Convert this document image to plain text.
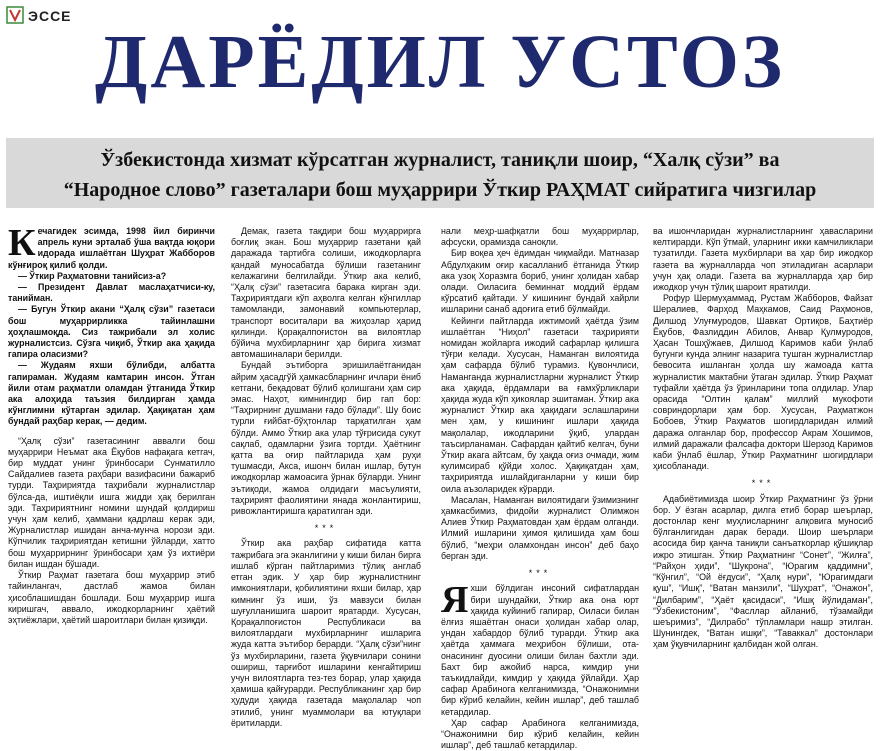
ЭССЕ
ДАРЁДИЛ УСТОЗ
Ўзбекистонда хизмат кўрсатган журналист, таниқли шоир, “Халқ сўзи” ва
“Народное слово” газеталари бош муҳаррири Ўткир РАҲМАТ сийратига чизгилар

Кечагидек эсимда, 1998 йил биринчи апрель куни эрталаб ўша вақтда юқори идорада ишлаётган Шуҳрат Жабборов кўнғироқ қилиб қолди.

— Ўткир Раҳматовни танийсиз-а?

— Президент Давлат маслаҳатчиси-ку, танийман.

— Бугун Ўткир акани “Ҳалқ сўзи” газетаси бош муҳаррирликка тайинлашни ҳоҳлашмоқда. Сиз тажрибали эл холис журналистсиз. Сўзга чиқиб, Ўткир ака ҳақида гапира оласизми?

— Жудаям яхши бўлибди, албатта гапираман. Жудаям камтарин инсон. Ўтган йили отам раҳматли оламдан ўтганида Ўткир ака алоҳида таъзия билдирган ҳамда кўнглимни кўтарган эдилар. Ҳақиқатан ҳам бундай раҳбар керак, — дедим.

“Ҳалқ сўзи” газетасининг аввалги бош муҳаррири Неъмат ака Ёқубов нафақага кетгач, бир муддат унинг ўринбосари Сунматилло Сайдалиев газета раҳбари вазифасини бажариб турди. Таҳририятда таҳрибали журналистлар бўлса-да, иштиёқли ишга жидди ҳақ берилган эди. Таҳририятнинг номини шундай қолдириш учун ҳам келиб, ҳаммани қадрлаш керак эди, Журналистлар ишидан анча-мунча норози эди. Кўпчилик таҳририятдан кетишни ўйларди, хатто бош муҳаррирнинг ўринбосари ҳам ўз ихтиёри билан ишдан бўшади.

Ўткир Раҳмат газетага бош муҳаррир этиб тайинлангач, дастлаб жамоа билан ҳисоблашишдан бошлади. Бош муҳаррир ишга киришгач, аввало, ижодкорларнинг ҳаётий эҳтиёжлари, ҳаётий шароитлари билан қизиқди.

Демак, газета тақдири бош муҳаррирга боғлиқ экан. Бош муҳаррир газетани қай даражада тартибга солиши, ижодкорларга қандай муносабатда бўлиши газетанинг келажагини белгилайди. Ўткир ака келиб, “Ҳалқ сўзи” газетасига барака кирган эди. Таҳририятдаги кўп аҳволга келган кўнгиллар тамомланди, замонавий компьютерлар, транспорт воситалари ва жиҳозлар ҳарид қилинди. Қорақалпоғистон ва вилоятлар бўйича мухбирларнинг ҳар бирига хизмат автомашиналари берилди.

Бундай эътиборга эришилаётганидан айрим ҳасадгўй ҳамкасбларнинг ичлари ёниб кетгани, беқадоват бўлиб қолишгани ҳам сир эмас. Наҳот, кимнингдир бир гап бор: “Таҳрирнинг душмани ғадо бўлади”. Шу боис турли ғийбат-бўҳтонлар тарқатилган ҳам бўлди. Аммо Ўткир ака улар тўғрисида сукут сақлаб, одамларни ўзига тортди. Ҳаётнинг қатта ва оғир пайтларида ҳам руҳи тушмасди, Акса, ишонч билан ишлар, бутун ижодкорлар жамоасига ўрнак бўларди. Унинг эътиқоди, жамоа олдидаги масъулияти, таҳририят фаолиятини янада жонлантириш, ривожлантиришга қаратилган эди.

***

Ўткир ака раҳбар сифатида катта тажрибага эга эканлигини у киши билан бирга ишлаб кўрган пайтларимиз тўлиқ англаб етган эдик. У ҳар бир журналистнинг имкониятлари, қобилиятини яхши билар, ҳар кимнинг ўз иши, ўз мавзуси билан шуғулланишига шароит яратарди. Хусусан, Қорақалпоғистон Республикаси ва вилоятлардаги мухбирларнинг ишларига жуда катта эътибор берарди. “Ҳалқ сўзи”нинг ўз мухбирларини, газета ўқувчилари сонини ошириш, тарғибот ишларини кенгайтириш учун вилоятларга тез-тез борар, улар ҳақида ҳамиша қайғурарди. Республиканинг ҳар бир ҳудуди ҳақида газетада мақолалар чоп этилиб, унинг муаммолари ва ютуқлари ёритиларди.

нали меҳр-шафқатли бош муҳаррирлар, афсуски, орамизда саноқли.

Бир воқеа ҳеч ёдимдан чиқмайди. Матназар Абдулҳаким оғир касалланиб ётганида Ўткир ака узоқ Хоразмга бориб, унинг ҳолидан хабар олади. Оиласига беминнат моддий ёрдам кўрсатиб қайтади. У кишининг бундай хайрли ишларини санаб адоғига етиб бўлмайди.

Кейинги пайтларда ижтимоий ҳаётда ўзим ишлаётган “Ниҳол” газетаси таҳририяти номидан жойларга ижодий сафарлар қилишга тўғри келади. Хусусан, Наманган вилоятида ҳам сафарда бўлиб турамиз. Қувончлиси, Наманганда журналистларни журналист Ўткир ака ҳақида, ёрдамлари ва ғамхўрликлари ҳақида жуда кўп ҳикоялар эшитаман. Ўткир ака журналист Ўткир ака ҳақидаги эслашларини мен ҳам, у кишининг ишлари ҳақида мақолалар, ижодларини ўқиб, улардан таъсирланаман. Сафардан қайтиб келгач, буни Ўткир акага айтсам, бу ҳақда оғиз очмади, жим кулимсираб қўйди холос. Ҳақиқатдан ҳам, таҳририятда ишлайдиганларни у киши бир оила аъзоларидек кўрарди.

Масалан, Наманган вилоятидаги ўзимизнинг ҳамкасбимиз, фидойи журналист Олимжон Алиев Ўткир Раҳматовдан ҳам ёрдам олганди. Илмий ишларини ҳимоя қилишида ҳам бош бўлиб, “меҳри оламхондан инсон” деб баҳо берган эди.

***

Яхши бўлдиган инсоний сифатлардан бири шундайки, Ўткир ака она юрт ҳақида куйиниб гапирар, Оиласи билан ёлғиз яшаётган онаси ҳолидан хабар олар, ундан хабардор бўлиб турарди. Ўткир ака ҳаётда ҳаммага меҳрибон бўлиши, ота-онасининг дуосини олиши билан бахтли эди. Бахт бир ажойиб нарса, кимдир уни таъкидлайди, кимдир у ҳақида ўйлайди. Ҳар сафар Арабинога келганимизда, “Онажонимни бир кўриб келайин, кейин ишлар”, деб ташлаб кетардилар.

Ҳар сафар Арабинога келганимизда, “Онажонимни бир кўриб келайин, кейин ишлар”, деб ташлаб кетардилар.

ва ишончларидан журналистларнинг ҳавасларини келтирарди. Кўп ўтмай, уларнинг икки камчиликлари тузатилди. Газета мухбирлари ва ҳар бир ижодкор газета ва журналларда чоп этиладиган асарлари учун ҳақ олади. Газета ва журналларда ҳар бир ижодкор учун тўлиқ шароит яратилди.

Рофур Шермуҳаммад, Рустам Жабборов, Файзат Шералиев, Фарҳод Маҳкамов, Саид Раҳмонов, Дилшод Улуғмуродов, Шавкат Ортиқов, Баҳтиёр Ёқубов, Фазлиддин Абилов, Анвар Қулмуродов, Ҳасан Тошҳўжаев, Дилшод Каримов каби ўнлаб бугунги кунда элнинг назарига тушган журналистлар бевосита ишланган ҳолда шу жамоада катта журналистик мактабни ўтаган эдилар. Ўткир Раҳмат туфайли ҳаётда ўз ўринларини топа олдилар. Улар орасида “Олтин қалам” миллий мукофоти совриндорлари ҳам бор. Хусусан, Раҳматжон Бобоев, Ўткир Раҳматов шогирдларидан илмий даража олганлар бор, профессор Акрам Хошимов, илмий даражали фалсафа доктори Шерзод Каримов каби ўнлаб ёшлар, Ўткир Раҳматнинг шогирдлари ҳисобланади.

***

Адабиётимизда шоир Ўткир Раҳматнинг ўз ўрни бор. У ёзган асарлар, дилга етиб борар шеърлар, достонлар кенг муҳлисларнинг алқовига муносиб бўлганлигидан дарак беради. Шоир шеърлари асосида бир қанча таниқли санъаткорлар қўшиқлар ижро этишган. Ўткир Раҳматнинг “Сонет”, “Жилға”, “Райҳон ҳиди”, “Шукрона”, “Юрагим қаддимни”, “Кўнгил”, “Ой ёғдуси”, “Ҳалқ нури”, “Юрагимдаги қуш”, “Ишқ”, “Ватан манзили”, “Шуҳрат”, “Онажон”, “Дилбарим”, “Ҳаёт қасидаси”, “Ишқ йўлидаман”, “Ўзбекистоним”, “Фасллар айланиб, тўзамайди шеъримиз”, “Дилрабо” тўпламлари нашр этилган. Шунингдек, “Ватан ишқи”, “Таваккал” достонлари ҳам ўқувчиларнинг қалбидан жой олган.
